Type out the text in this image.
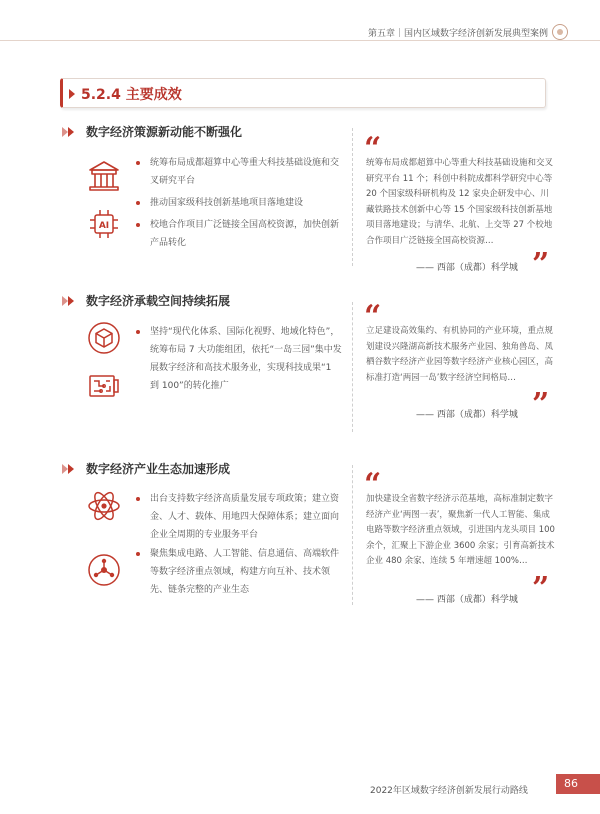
第五章｜国内区域数字经济创新发展典型案例
5.2.4 主要成效
数字经济策源新动能不断强化
AI
统筹布局成都超算中心等重大科技基础设施和交叉研究平台
推动国家级科技创新基地项目落地建设
校地合作项目广泛链接全国高校资源，加快创新产品转化
“
统筹布局成都超算中心等重大科技基础设施和交叉研究平台 11 个；科创中科院成都科学研究中心等 20 个国家级科研机构及 12 家央企研发中心、川藏铁路技术创新中心等 15 个国家级科技创新基地项目落地建设；与清华、北航、上交等 27 个校地合作项目广泛链接全国高校资源…
”
—— 西部（成都）科学城
数字经济承载空间持续拓展
坚持“现代化体系、国际化视野、地域化特色”，统筹布局 7 大功能组团，依托“一岛三园”集中发展数字经济和高技术服务业，实现科技成果“1 到 100”的转化推广
“
立足建设高效集约、有机协同的产业环境，重点规划建设兴隆湖高新技术服务产业园、独角兽岛、凤栖谷数字经济产业园等数字经济产业核心园区，高标准打造‘两园一岛’数字经济空间格局…
”
—— 西部（成都）科学城
数字经济产业生态加速形成
出台支持数字经济高质量发展专项政策；建立资金、人才、载体、用地四大保障体系；建立面向企业全周期的专业服务平台
聚焦集成电路、人工智能、信息通信、高端软件等数字经济重点领域，构建方向互补、技术领先、链条完整的产业生态
“
加快建设全省数字经济示范基地，高标准制定数字经济产业‘两图一表’，聚焦新一代人工智能、集成电路等数字经济重点领域，引进国内龙头项目 100 余个，汇聚上下游企业 3600 余家；引育高新技术企业 480 余家、连续 5 年增速超 100%…
”
—— 西部（成都）科学城
2022年区域数字经济创新发展行动路线
86
